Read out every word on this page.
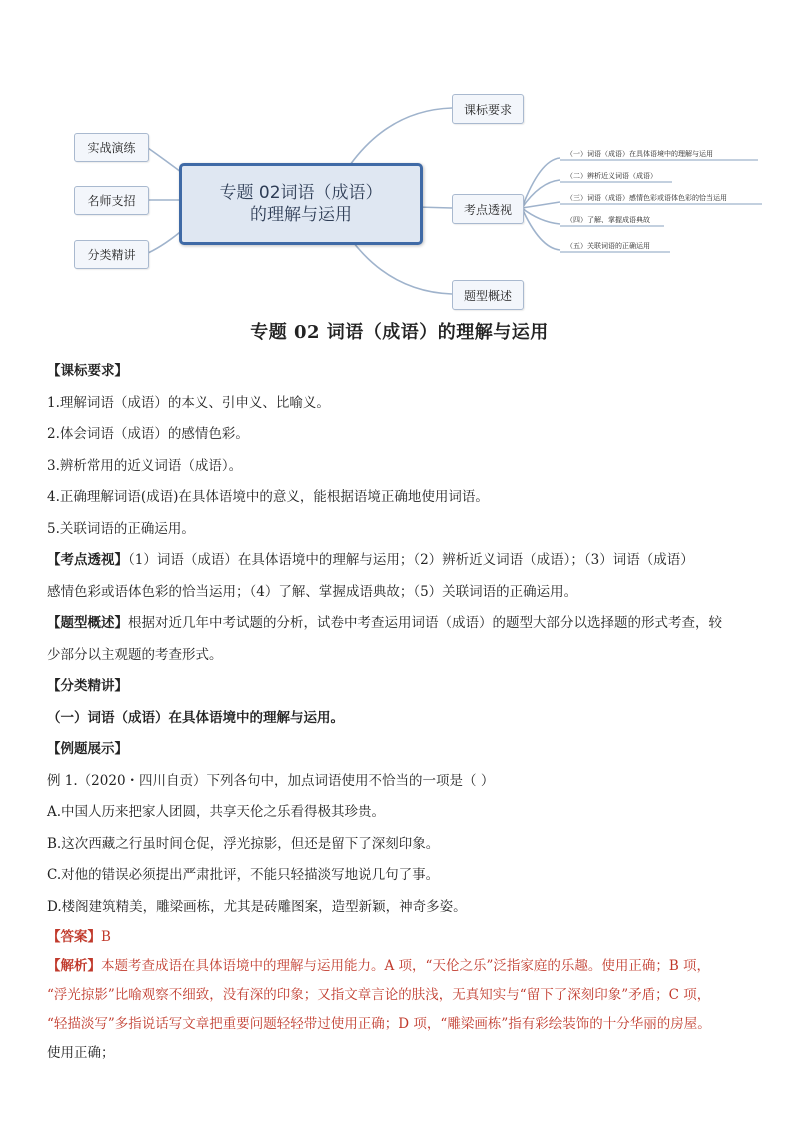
实战演练
名师支招
分类精讲
专题 02词语（成语）
的理解与运用
课标要求
考点透视
题型概述
（一）词语（成语）在具体语境中的理解与运用
（二）辨析近义词语（成语）
（三）词语（成语）感情色彩或语体色彩的恰当运用
（四）了解、掌握成语典故
（五）关联词语的正确运用
专题 02 词语（成语）的理解与运用

【课标要求】

1.理解词语（成语）的本义、引申义、比喻义。

2.体会词语（成语）的感情色彩。

3.辨析常用的近义词语（成语）。

4.正确理解词语(成语)在具体语境中的意义，能根据语境正确地使用词语。

5.关联词语的正确运用。

【考点透视】（1）词语（成语）在具体语境中的理解与运用；（2）辨析近义词语（成语）；（3）词语（成语）

感情色彩或语体色彩的恰当运用；（4）了解、掌握成语典故；（5）关联词语的正确运用。

【题型概述】根据对近几年中考试题的分析，试卷中考查运用词语（成语）的题型大部分以选择题的形式考查，较

少部分以主观题的考查形式。

【分类精讲】

（一）词语（成语）在具体语境中的理解与运用。

【例题展示】

例 1.（2020・四川自贡）下列各句中，加点词语使用不恰当的一项是（ ）

A.中国人历来把家人团圆，共享天伦之乐看得极其珍贵。

B.这次西藏之行虽时间仓促，浮光掠影，但还是留下了深刻印象。

C.对他的错误必须提出严肃批评，不能只轻描淡写地说几句了事。

D.楼阁建筑精美，雕梁画栋，尤其是砖雕图案，造型新颖，神奇多姿。

【答案】B

【解析】本题考查成语在具体语境中的理解与运用能力。A 项，“天伦之乐”泛指家庭的乐趣。使用正确；B 项，

“浮光掠影”比喻观察不细致，没有深的印象；又指文章言论的肤浅，无真知实与“留下了深刻印象”矛盾；C 项，

“轻描淡写”多指说话写文章把重要问题轻轻带过使用正确；D 项，“雕梁画栋”指有彩绘装饰的十分华丽的房屋。

使用正确；
